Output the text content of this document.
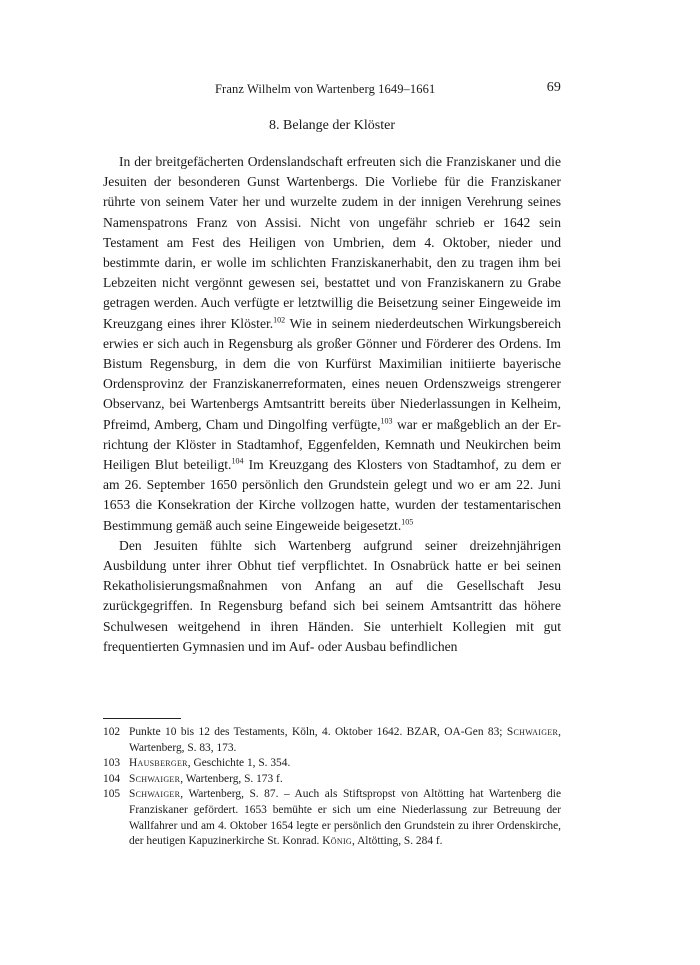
Franz Wilhelm von Wartenberg 1649–1661	69
8. Belange der Klöster

In der breitgefächerten Ordenslandschaft erfreuten sich die Franziskaner und die Jesuiten der besonderen Gunst Wartenbergs. Die Vorliebe für die Franziskaner rührte von seinem Vater her und wurzelte zudem in der innigen Verehrung seines Namenspatrons Franz von Assisi. Nicht von ungefähr schrieb er 1642 sein Testament am Fest des Heiligen von Umbrien, dem 4. Oktober, nieder und bestimmte darin, er wolle im schlichten Franziskanerhabit, den zu tragen ihm bei Lebzeiten nicht vergönnt gewesen sei, bestattet und von Franziskanern zu Grabe getragen werden. Auch verfügte er letztwillig die Beisetzung seiner Eingeweide im Kreuzgang eines ihrer Klöster.$^{102}$ Wie in seinem niederdeutschen Wirkungsbereich erwies er sich auch in Regensburg als großer Gönner und Förderer des Ordens. Im Bistum Regensburg, in dem die von Kurfürst Maximilian initiierte bayerische Ordensprovinz der Franziskanerreformaten, eines neuen Ordenszweigs strengerer Observanz, bei Wartenbergs Amtsantritt bereits über Niederlassungen in Kelheim, Pfreimd, Amberg, Cham und Dingolfing verfügte,$^{103}$ war er maßgeblich an der Errichtung der Klöster in Stadtamhof, Eggenfelden, Kemnath und Neukirchen beim Heiligen Blut beteiligt.$^{104}$ Im Kreuzgang des Klosters von Stadtamhof, zu dem er am 26. September 1650 persönlich den Grundstein gelegt und wo er am 22. Juni 1653 die Konsekration der Kirche vollzogen hatte, wurden der testamentarischen Bestimmung gemäß auch seine Eingeweide beigesetzt.$^{105}$

Den Jesuiten fühlte sich Wartenberg aufgrund seiner dreizehnjährigen Ausbildung unter ihrer Obhut tief verpflichtet. In Osnabrück hatte er bei seinen Rekatholisierungsmaßnahmen von Anfang an auf die Gesellschaft Jesu zurückgegriffen. In Regensburg befand sich bei seinem Amtsantritt das höhere Schulwesen weitgehend in ihren Händen. Sie unterhielt Kollegien mit gut frequentierten Gymnasien und im Auf- oder Ausbau befindlichen

102 Punkte 10 bis 12 des Testaments, Köln, 4. Oktober 1642. BZAR, OA-Gen 83; Schwaiger, Wartenberg, S. 83, 173.
103 Hausberger, Geschichte 1, S. 354.
104 Schwaiger, Wartenberg, S. 173 f.
105 Schwaiger, Wartenberg, S. 87. – Auch als Stiftspropst von Altötting hat Wartenberg die Franziskaner gefördert. 1653 bemühte er sich um eine Niederlassung zur Betreuung der Wallfahrer und am 4. Oktober 1654 legte er persönlich den Grundstein zu ihrer Ordenskirche, der heutigen Kapuzinerkirche St. Konrad. König, Altötting, S. 284 f.
